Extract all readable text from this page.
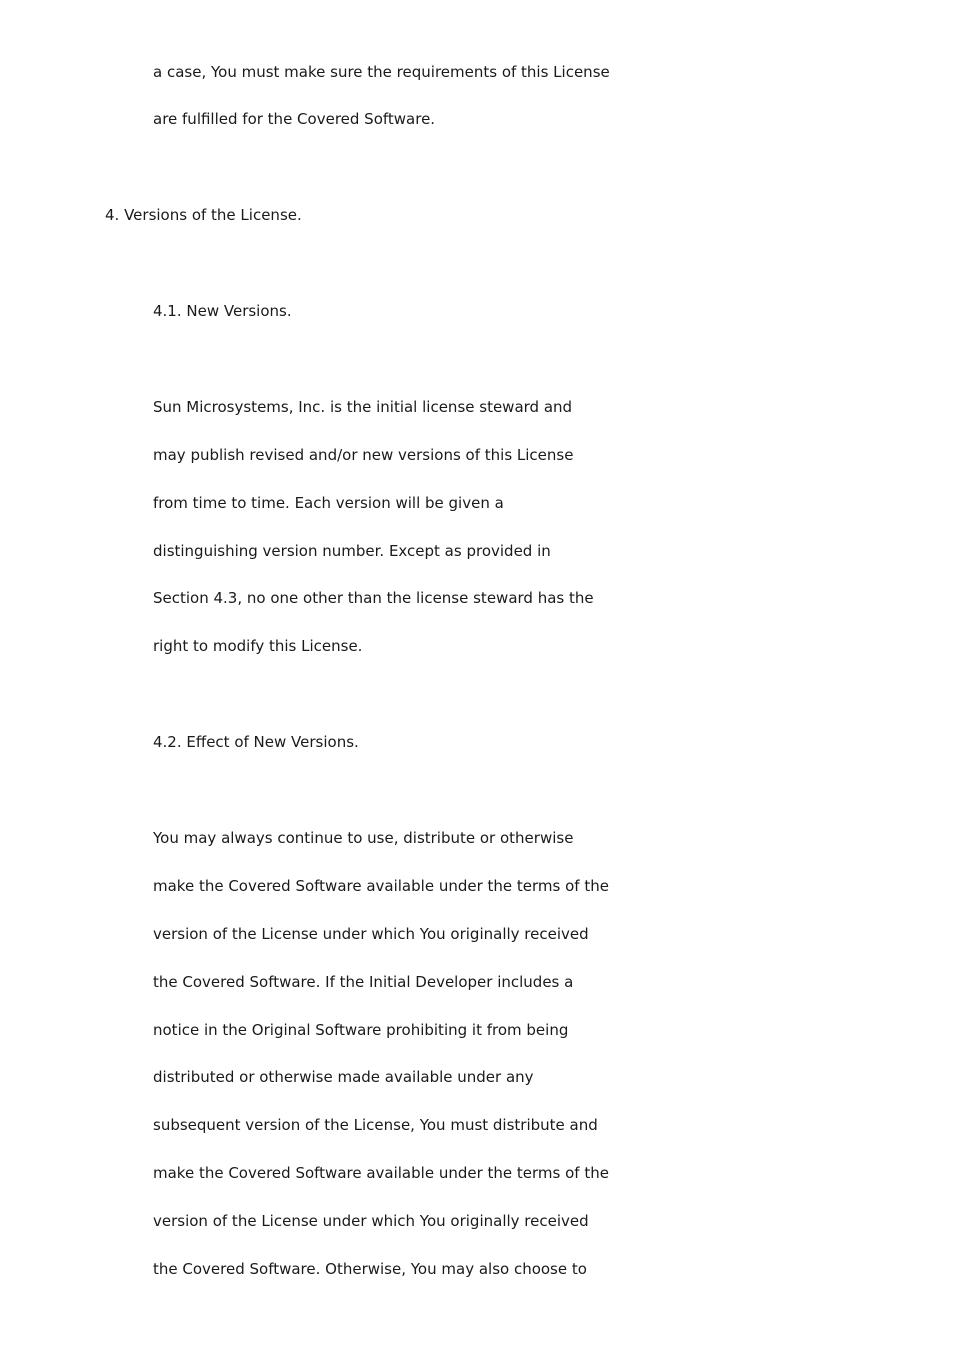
a case, You must make sure the requirements of this License
are fulfilled for the Covered Software.
4. Versions of the License.
4.1. New Versions.
Sun Microsystems, Inc. is the initial license steward and
may publish revised and/or new versions of this License
from time to time. Each version will be given a
distinguishing version number. Except as provided in
Section 4.3, no one other than the license steward has the
right to modify this License.
4.2. Effect of New Versions.
You may always continue to use, distribute or otherwise
make the Covered Software available under the terms of the
version of the License under which You originally received
the Covered Software. If the Initial Developer includes a
notice in the Original Software prohibiting it from being
distributed or otherwise made available under any
subsequent version of the License, You must distribute and
make the Covered Software available under the terms of the
version of the License under which You originally received
the Covered Software. Otherwise, You may also choose to
